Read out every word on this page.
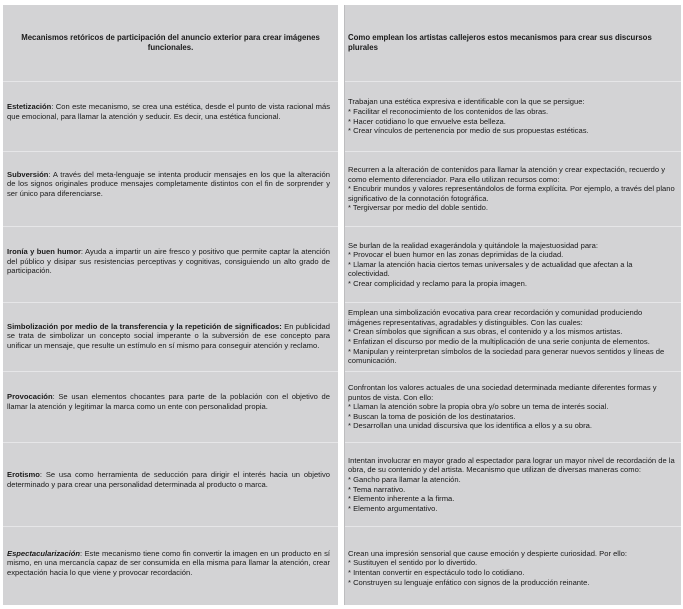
Mecanismos retóricos de participación del anuncio exterior para crear imágenes funcionales.
Estetización: Con este mecanismo, se crea una estética, desde el punto de vista racional más que emocional, para llamar la atención y seducir. Es decir, una estética funcional.
Subversión: A través del meta-lenguaje se intenta producir mensajes en los que la alteración de los signos originales produce mensajes completamente distintos con el fin de sorprender y ser único para diferenciarse.
Ironía y buen humor: Ayuda a impartir un aire fresco y positivo que permite captar la atención del público y disipar sus resistencias perceptivas y cognitivas, consiguiendo un alto grado de participación.
Simbolización por medio de la transferencia y la repetición de significados: En publicidad se trata de simbolizar un concepto social imperante o la subversión de ese concepto para unificar un mensaje, que resulte un estímulo en sí mismo para conseguir atención y reclamo.
Provocación: Se usan elementos chocantes para parte de la población con el objetivo de llamar la atención y legitimar la marca como un ente con personalidad propia.
Erotismo: Se usa como herramienta de seducción para dirigir el interés hacia un objetivo determinado y para crear una personalidad determinada al producto o marca.
Espectacularización: Este mecanismo tiene como fin convertir la imagen en un producto en sí mismo, en una mercancía capaz de ser consumida en ella misma para llamar la atención, crear expectación hacia lo que viene y provocar recordación.
Como emplean los artistas callejeros estos mecanismos para crear sus discursos plurales
Trabajan una estética expresiva e identificable con la que se persigue:
* Facilitar el reconocimiento de los contenidos de las obras.
* Hacer cotidiano lo que envuelve esta belleza.
* Crear vínculos de pertenencia por medio de sus propuestas estéticas.
Recurren a la alteración de contenidos para llamar la atención y crear expectación, recuerdo y como elemento diferenciador. Para ello utilizan recursos como:
* Encubrir mundos y valores representándolos de forma explícita. Por ejemplo, a través del plano significativo de la connotación fotográfica.
* Tergiversar por medio del doble sentido.
Se burlan de la realidad exagerándola y quitándole la majestuosidad para:
* Provocar el buen humor en las zonas deprimidas de la ciudad.
* Llamar la atención hacia ciertos temas universales y de actualidad que afectan a la colectividad.
* Crear complicidad y reclamo para la propia imagen.
Emplean una simbolización evocativa para crear recordación y comunidad produciendo imágenes representativas, agradables y distinguibles. Con las cuales:
* Crean símbolos que significan a sus obras, el contenido y a los mismos artistas.
* Enfatizan el discurso por medio de la multiplicación de una serie conjunta de elementos.
* Manipulan y reinterpretan símbolos de la sociedad para generar nuevos sentidos y líneas de comunicación.
Confrontan los valores actuales de una sociedad determinada mediante diferentes formas y puntos de vista. Con ello:
* Llaman la atención sobre la propia obra y/o sobre un tema de interés social.
* Buscan la toma de posición de los destinatarios.
* Desarrollan una unidad discursiva que los identifica a ellos y a su obra.
Intentan involucrar en mayor grado al espectador para lograr un mayor nivel de recordación de la obra, de su contenido y del artista. Mecanismo que utilizan de diversas maneras como:
* Gancho para llamar la atención.
* Tema narrativo.
* Elemento inherente a la firma.
* Elemento argumentativo.
Crean una impresión sensorial que cause emoción y despierte curiosidad. Por ello:
* Sustituyen el sentido por lo divertido.
* Intentan convertir en espectáculo todo lo cotidiano.
* Construyen su lenguaje enfático con signos de la producción reinante.
